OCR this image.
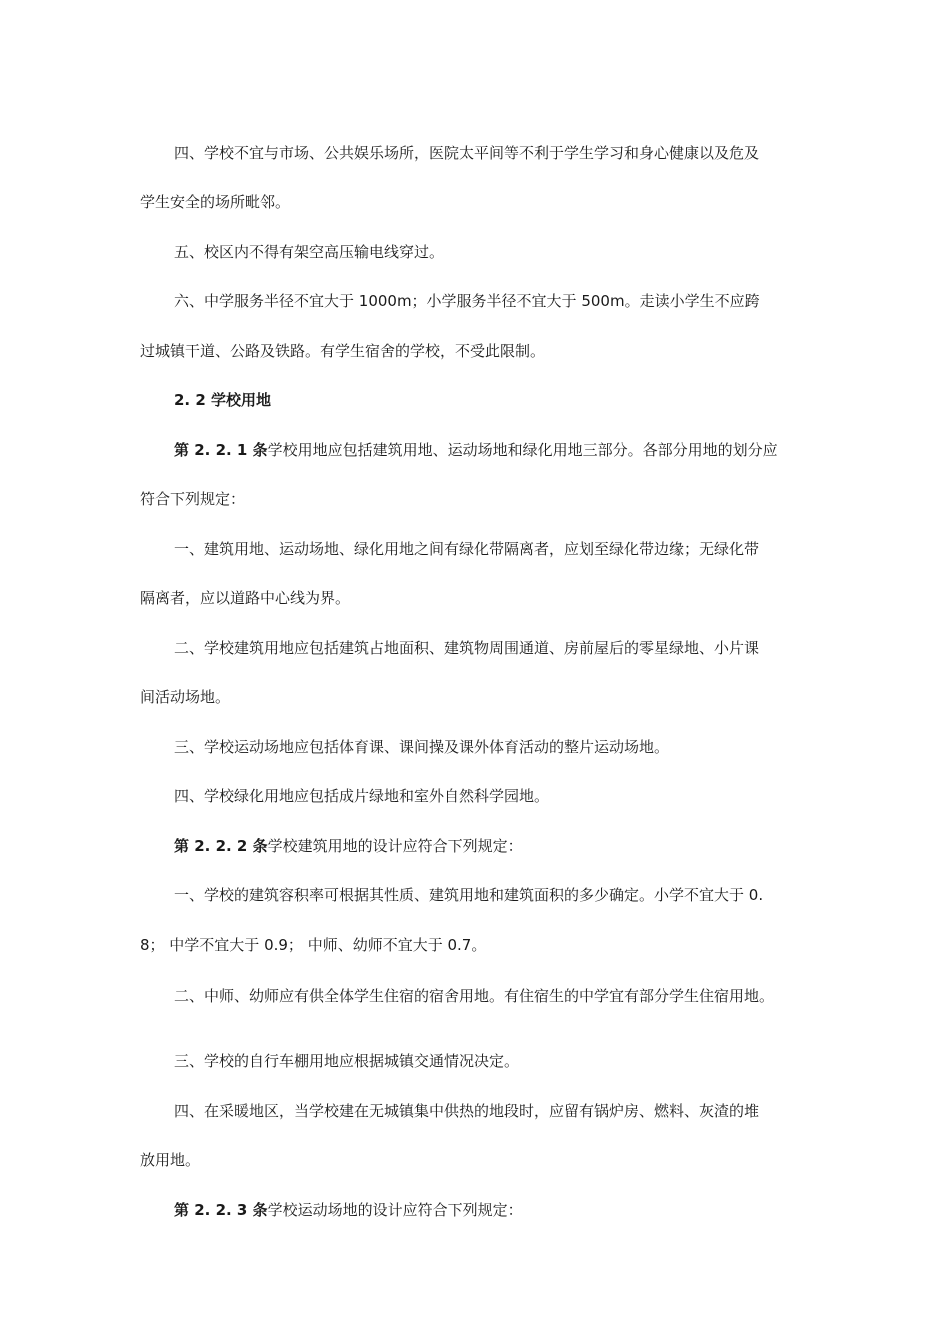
四、学校不宜与市场、公共娱乐场所，医院太平间等不利于学生学习和身心健康以及危及

学生安全的场所毗邻。

五、校区内不得有架空高压输电线穿过。

六、中学服务半径不宜大于 1000m；小学服务半径不宜大于 500m。走读小学生不应跨

过城镇干道、公路及铁路。有学生宿舍的学校，不受此限制。

2. 2 学校用地

第 2. 2. 1 条学校用地应包括建筑用地、运动场地和绿化用地三部分。各部分用地的划分应

符合下列规定：

一、建筑用地、运动场地、绿化用地之间有绿化带隔离者，应划至绿化带边缘；无绿化带

隔离者，应以道路中心线为界。

二、学校建筑用地应包括建筑占地面积、建筑物周围通道、房前屋后的零星绿地、小片课

间活动场地。

三、学校运动场地应包括体育课、课间操及课外体育活动的整片运动场地。

四、学校绿化用地应包括成片绿地和室外自然科学园地。

第 2. 2. 2 条学校建筑用地的设计应符合下列规定：

一、学校的建筑容积率可根据其性质、建筑用地和建筑面积的多少确定。小学不宜大于 0.

8； 中学不宜大于 0.9； 中师、幼师不宜大于 0.7。

二、中师、幼师应有供全体学生住宿的宿舍用地。有住宿生的中学宜有部分学生住宿用地。

三、学校的自行车棚用地应根据城镇交通情况决定。

四、在采暖地区，当学校建在无城镇集中供热的地段时，应留有锅炉房、燃料、灰渣的堆

放用地。

第 2. 2. 3 条学校运动场地的设计应符合下列规定：
